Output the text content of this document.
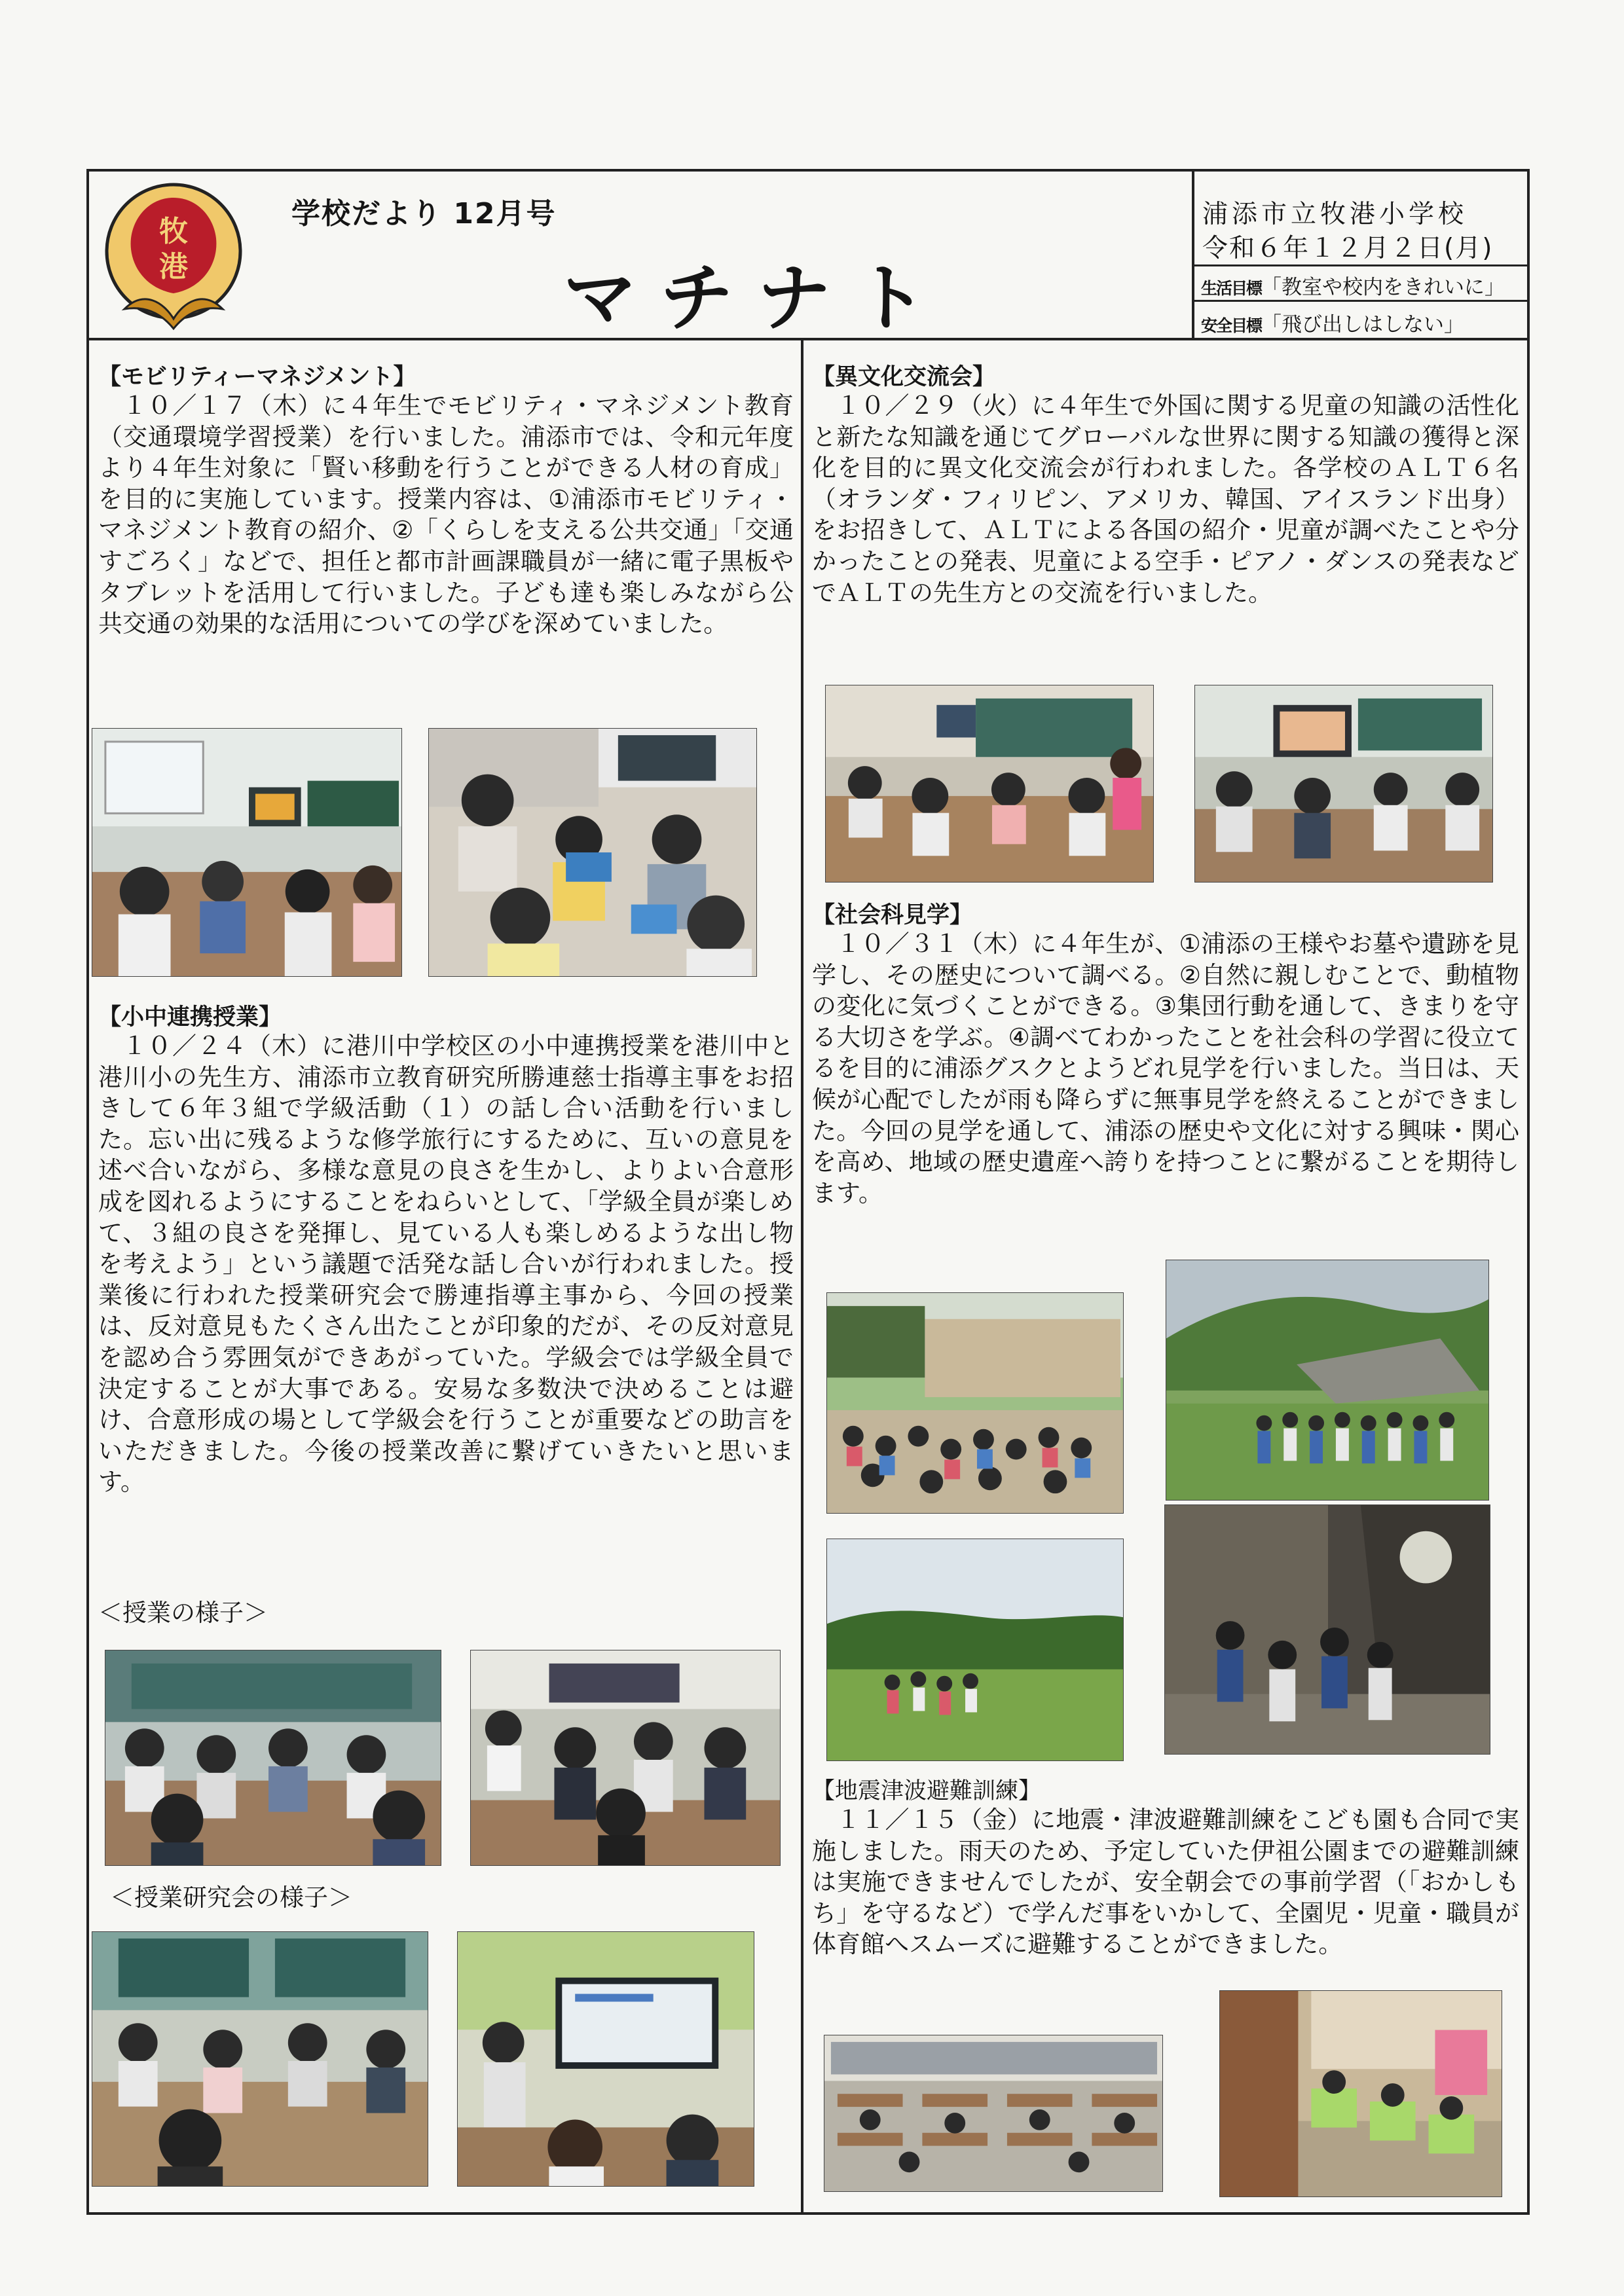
牧
港
学校だより 12月号
マチナト
浦添市立牧港小学校
令和６年１２月２日(月)
生活目標「教室や校内をきれいに」
安全目標「飛び出しはしない」
【モビリティーマネジメント】

１０／１７（木）に４年生でモビリティ・マネジメント教育（交通環境学習授業）を行いました。浦添市では、令和元年度より４年生対象に「賢い移動を行うことができる人材の育成」を目的に実施しています。授業内容は、①浦添市モビリティ・マネジメント教育の紹介、②「くらしを支える公共交通」「交通すごろく」などで、担任と都市計画課職員が一緒に電子黒板やタブレットを活用して行いました。子ども達も楽しみながら公共交通の効果的な活用についての学びを深めていました。

【小中連携授業】

１０／２４（木）に港川中学校区の小中連携授業を港川中と港川小の先生方、浦添市立教育研究所勝連慈士指導主事をお招きして６年３組で学級活動（１）の話し合い活動を行いました。忘い出に残るような修学旅行にするために、互いの意見を述べ合いながら、多様な意見の良さを生かし、よりよい合意形成を図れるようにすることをねらいとして、「学級全員が楽しめて、３組の良さを発揮し、見ている人も楽しめるような出し物を考えよう」という議題で活発な話し合いが行われました。授業後に行われた授業研究会で勝連指導主事から、今回の授業は、反対意見もたくさん出たことが印象的だが、その反対意見を認め合う雰囲気ができあがっていた。学級会では学級全員で決定することが大事である。安易な多数決で決めることは避け、合意形成の場として学級会を行うことが重要などの助言をいただきました。今後の授業改善に繋げていきたいと思います。

＜授業の様子＞
＜授業研究会の様子＞
【異文化交流会】

１０／２９（火）に４年生で外国に関する児童の知識の活性化と新たな知識を通じてグローバルな世界に関する知識の獲得と深化を目的に異文化交流会が行われました。各学校のＡＬＴ６名（オランダ・フィリピン、アメリカ、韓国、アイスランド出身）をお招きして、ＡＬＴによる各国の紹介・児童が調べたことや分かったことの発表、児童による空手・ピアノ・ダンスの発表などでＡＬＴの先生方との交流を行いました。

【社会科見学】

１０／３１（木）に４年生が、①浦添の王様やお墓や遺跡を見学し、その歴史について調べる。②自然に親しむことで、動植物の変化に気づくことができる。③集団行動を通して、きまりを守る大切さを学ぶ。④調べてわかったことを社会科の学習に役立てるを目的に浦添グスクとようどれ見学を行いました。当日は、天候が心配でしたが雨も降らずに無事見学を終えることができました。今回の見学を通して、浦添の歴史や文化に対する興味・関心を高め、地域の歴史遺産へ誇りを持つことに繋がることを期待します。

【地震津波避難訓練】

１１／１５（金）に地震・津波避難訓練をこども園も合同で実施しました。雨天のため、予定していた伊祖公園までの避難訓練は実施できませんでしたが、安全朝会での事前学習（「おかしもち」を守るなど）で学んだ事をいかして、全園児・児童・職員が体育館へスムーズに避難することができました。
